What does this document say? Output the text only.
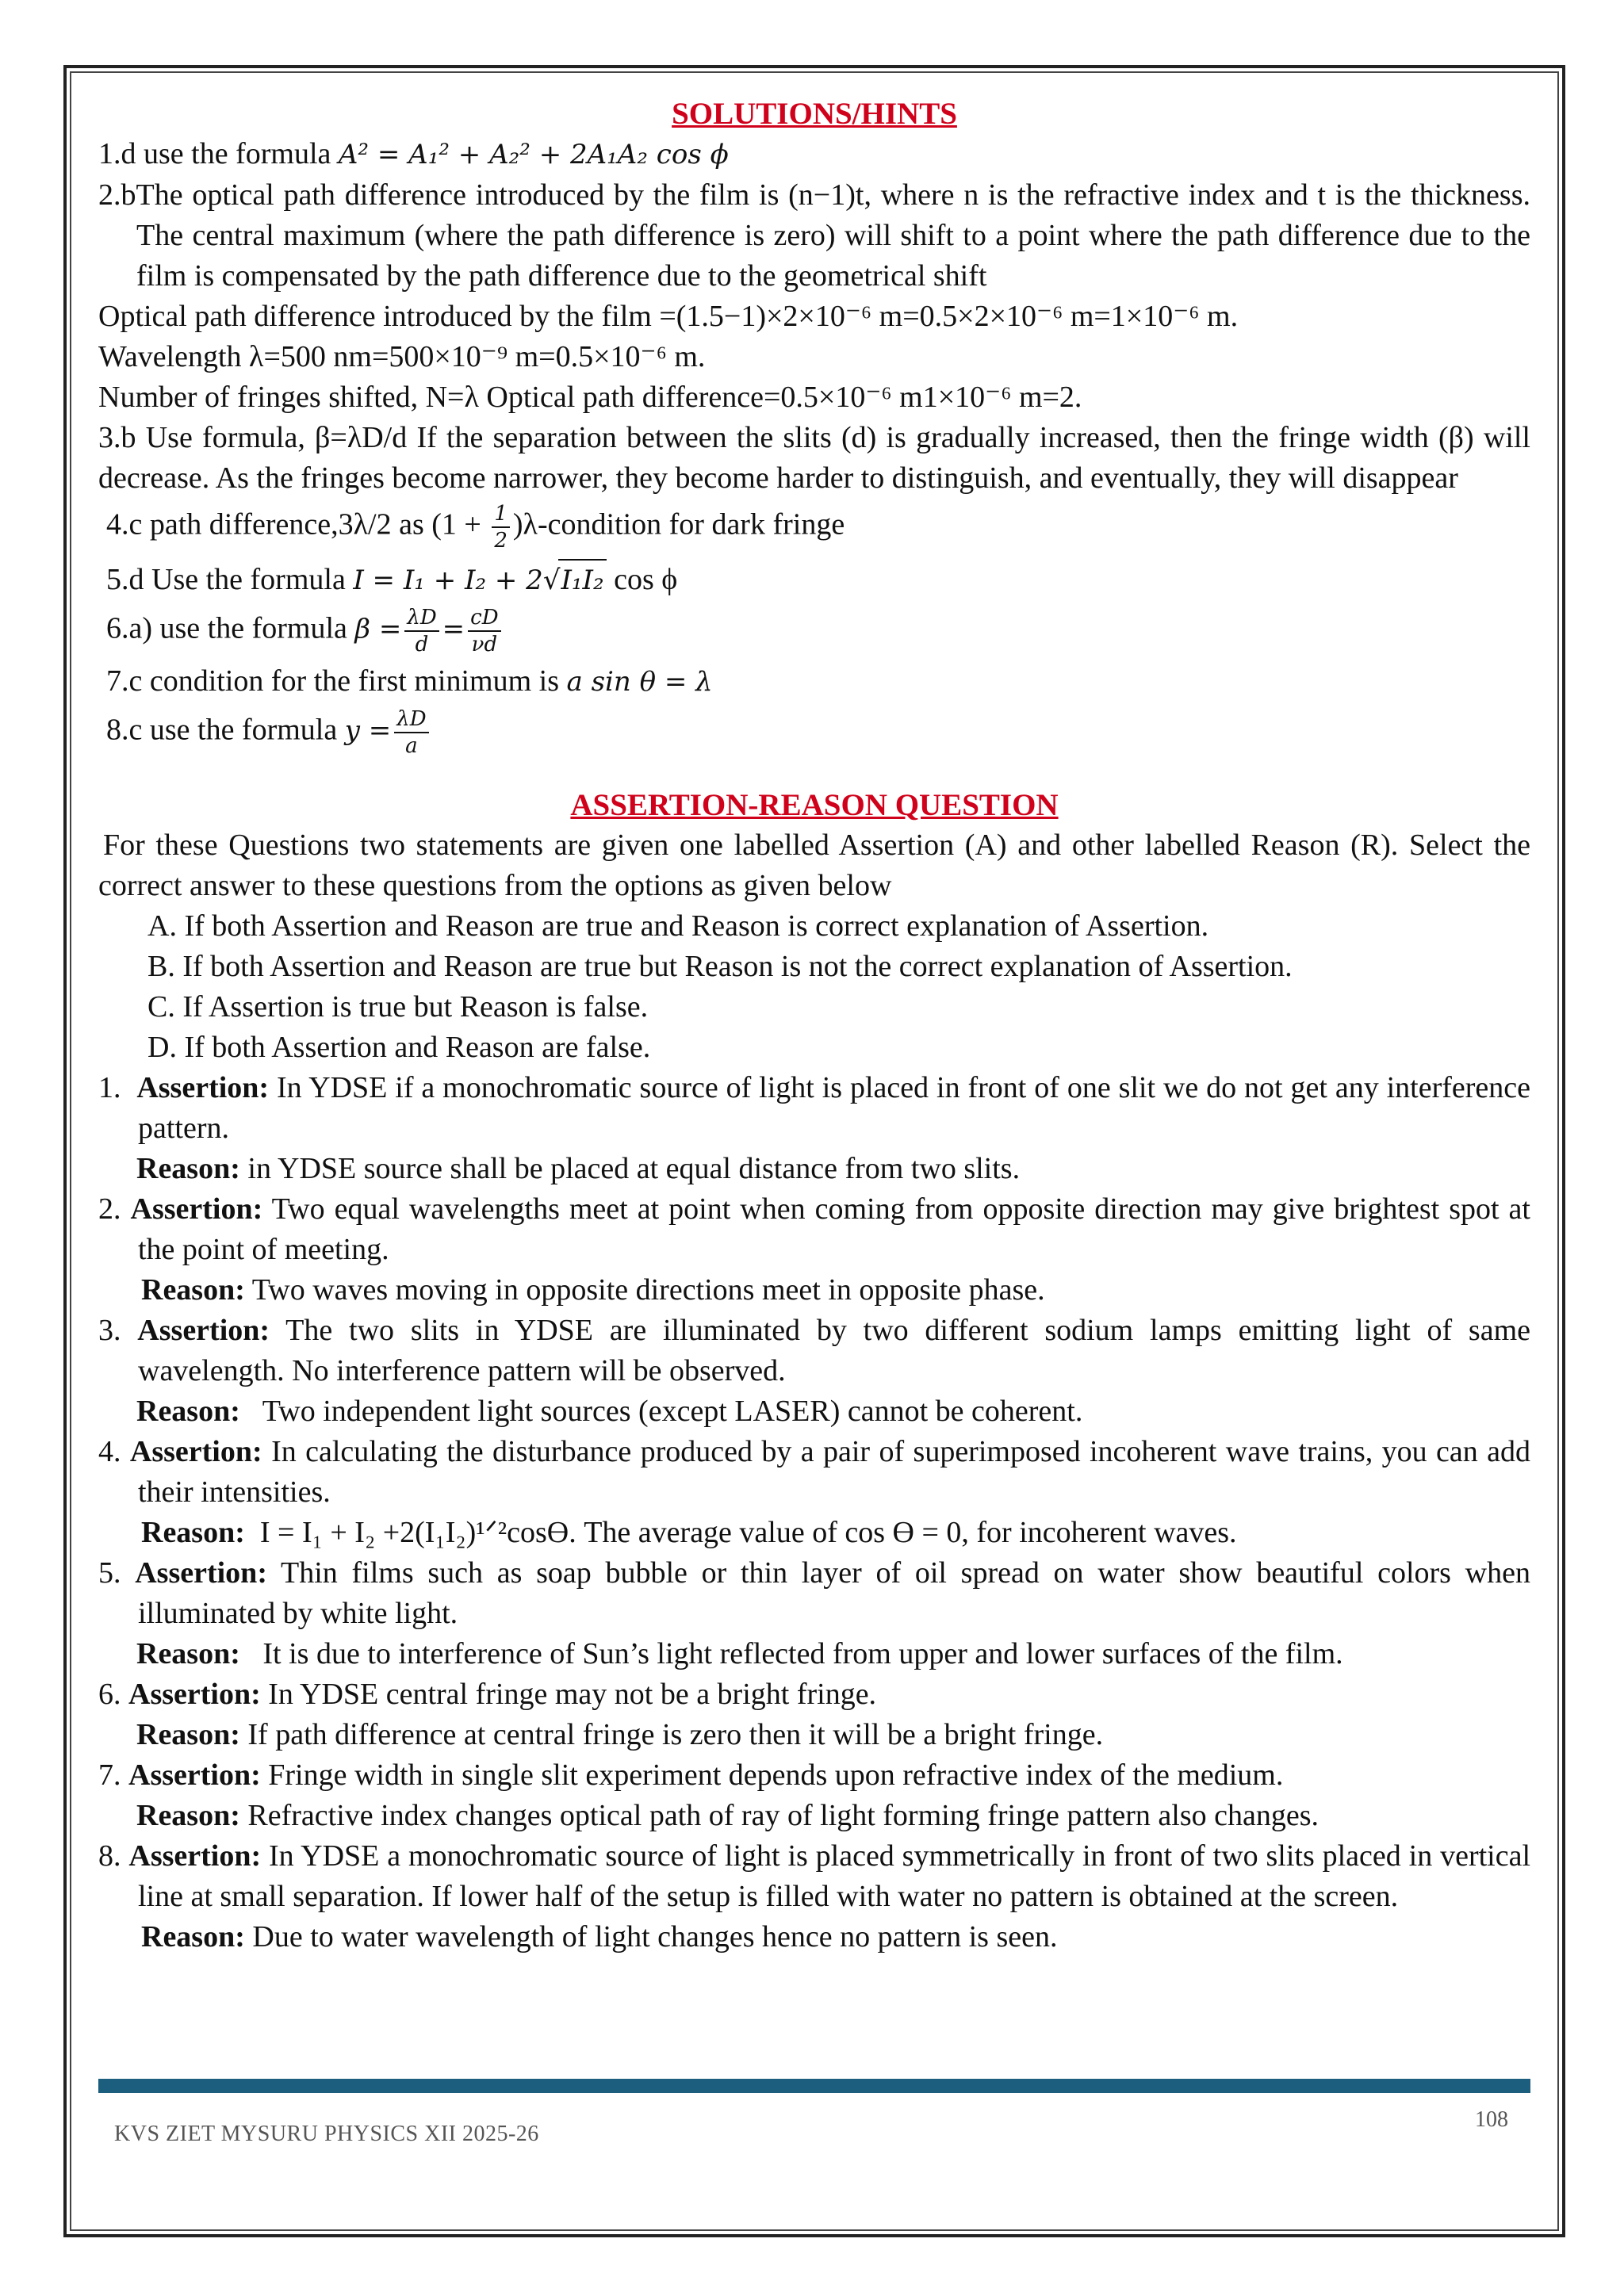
SOLUTIONS/HINTS
1.d use the formula A² = A₁² + A₂² + 2A₁A₂ cos ϕ
2.bThe optical path difference introduced by the film is (n−1)t, where n is the refractive index and t is the thickness. The central maximum (where the path difference is zero) will shift to a point where the path difference due to the film is compensated by the path difference due to the geometrical shift
Optical path difference introduced by the film =(1.5−1)×2×10⁻⁶ m=0.5×2×10⁻⁶ m=1×10⁻⁶ m.
Wavelength λ=500 nm=500×10⁻⁹ m=0.5×10⁻⁶ m.
Number of fringes shifted, N=λ Optical path difference=0.5×10⁻⁶ m1×10⁻⁶ m=2.
3.b Use formula, β=λD/d If the separation between the slits (d) is gradually increased, then the fringe width (β) will decrease. As the fringes become narrower, they become harder to distinguish, and eventually, they will disappear
4.c path difference,3λ/2 as ($1 + \frac{1}{2}$ )λ-condition for dark fringe
5.d Use the formula I = I₁ + I₂ + 2√I₁I₂ cos ϕ
6.a) use the formula $\beta = \frac{\lambda D}{d} = \frac{cD}{\nu d}$
7.c condition for the first minimum is a sin θ = λ
8.c use the formula $y = \frac{\lambda D}{a}$
ASSERTION-REASON QUESTION
For these Questions two statements are given one labelled Assertion (A) and other labelled Reason (R). Select the correct answer to these questions from the options as given below
A. If both Assertion and Reason are true and Reason is correct explanation of Assertion.
B. If both Assertion and Reason are true but Reason is not the correct explanation of Assertion.
C. If Assertion is true but Reason is false.
D. If both Assertion and Reason are false.
1. Assertion: In YDSE if a monochromatic source of light is placed in front of one slit we do not get any interference pattern.
Reason: in YDSE source shall be placed at equal distance from two slits.
2. Assertion: Two equal wavelengths meet at point when coming from opposite direction may give brightest spot at the point of meeting.
Reason: Two waves moving in opposite directions meet in opposite phase.
3. Assertion: The two slits in YDSE are illuminated by two different sodium lamps emitting light of same wavelength. No interference pattern will be observed.
Reason:   Two independent light sources (except LASER) cannot be coherent.
4. Assertion: In calculating the disturbance produced by a pair of superimposed incoherent wave trains, you can add their intensities.
Reason:  I = I₁ + I₂ +2(I₁I₂)¹ᐟ²cosϴ. The average value of cos ϴ = 0, for incoherent waves.
5. Assertion: Thin films such as soap bubble or thin layer of oil spread on water show beautiful colors when illuminated by white light.
Reason:   It is due to interference of Sun’s light reflected from upper and lower surfaces of the film.
6. Assertion: In YDSE central fringe may not be a bright fringe.
Reason: If path difference at central fringe is zero then it will be a bright fringe.
7. Assertion: Fringe width in single slit experiment depends upon refractive index of the medium.
Reason: Refractive index changes optical path of ray of light forming fringe pattern also changes.
8. Assertion: In YDSE a monochromatic source of light is placed symmetrically in front of two slits placed in vertical line at small separation. If lower half of the setup is filled with water no pattern is obtained at the screen.
Reason: Due to water wavelength of light changes hence no pattern is seen.
KVS ZIET MYSURU PHYSICS XII 2025-26
108
